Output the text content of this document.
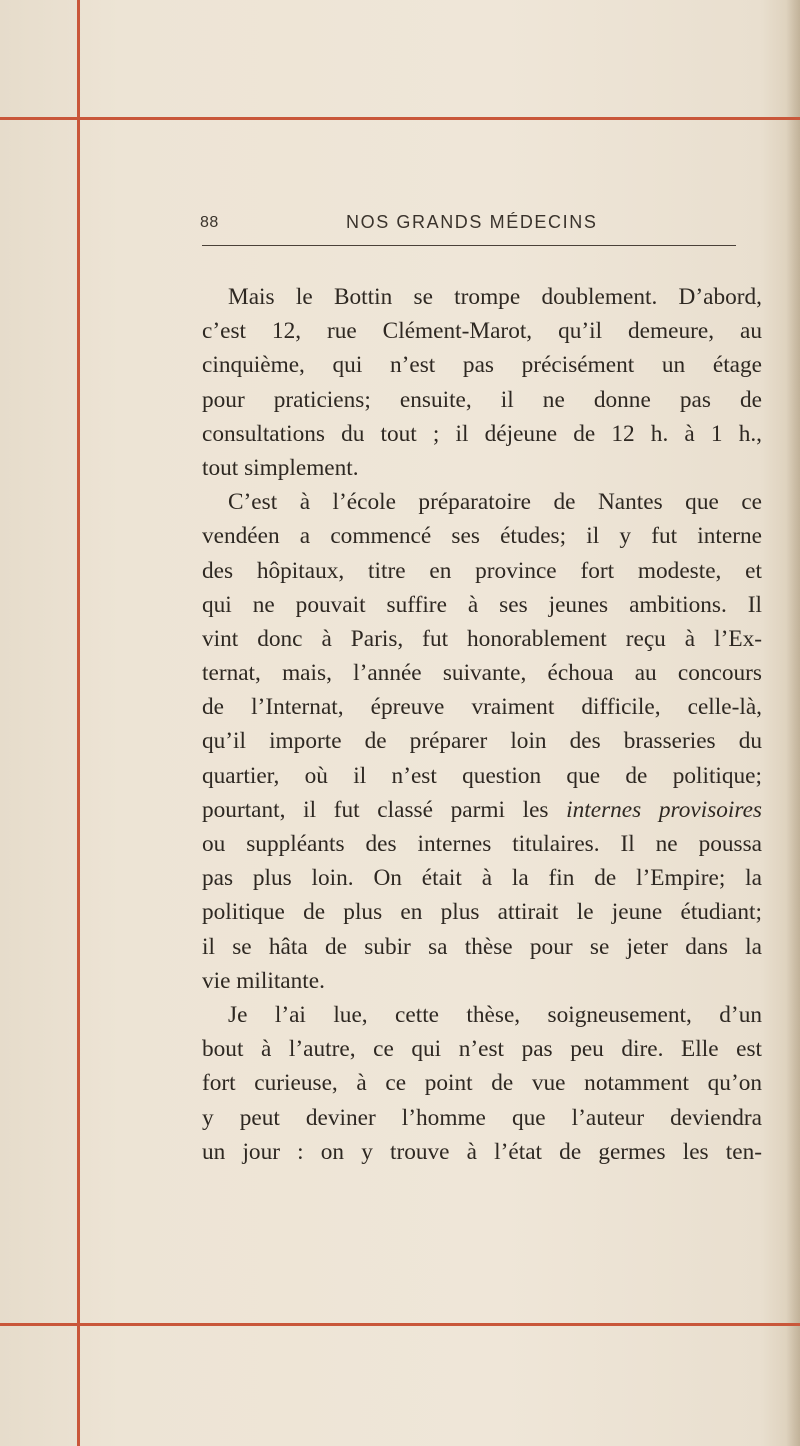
88	NOS GRANDS MÉDECINS
Mais le Bottin se trompe doublement. D’abord,
c’est 12, rue Clément-Marot, qu’il demeure, au
cinquième, qui n’est pas précisément un étage
pour praticiens; ensuite, il ne donne pas de
consultations du tout ; il déjeune de 12 h. à 1 h.,
tout simplement.
C’est à l’école préparatoire de Nantes que ce
vendéen a commencé ses études; il y fut interne
des hôpitaux, titre en province fort modeste, et
qui ne pouvait suffire à ses jeunes ambitions. Il
vint donc à Paris, fut honorablement reçu à l’Ex-
ternat, mais, l’année suivante, échoua au concours
de l’Internat, épreuve vraiment difficile, celle-là,
qu’il importe de préparer loin des brasseries du
quartier, où il n’est question que de politique;
pourtant, il fut classé parmi les internes provisoires
ou suppléants des internes titulaires. Il ne poussa
pas plus loin. On était à la fin de l’Empire; la
politique de plus en plus attirait le jeune étudiant;
il se hâta de subir sa thèse pour se jeter dans la
vie militante.
Je l’ai lue, cette thèse, soigneusement, d’un
bout à l’autre, ce qui n’est pas peu dire. Elle est
fort curieuse, à ce point de vue notamment qu’on
y peut deviner l’homme que l’auteur deviendra
un jour : on y trouve à l’état de germes les ten-
